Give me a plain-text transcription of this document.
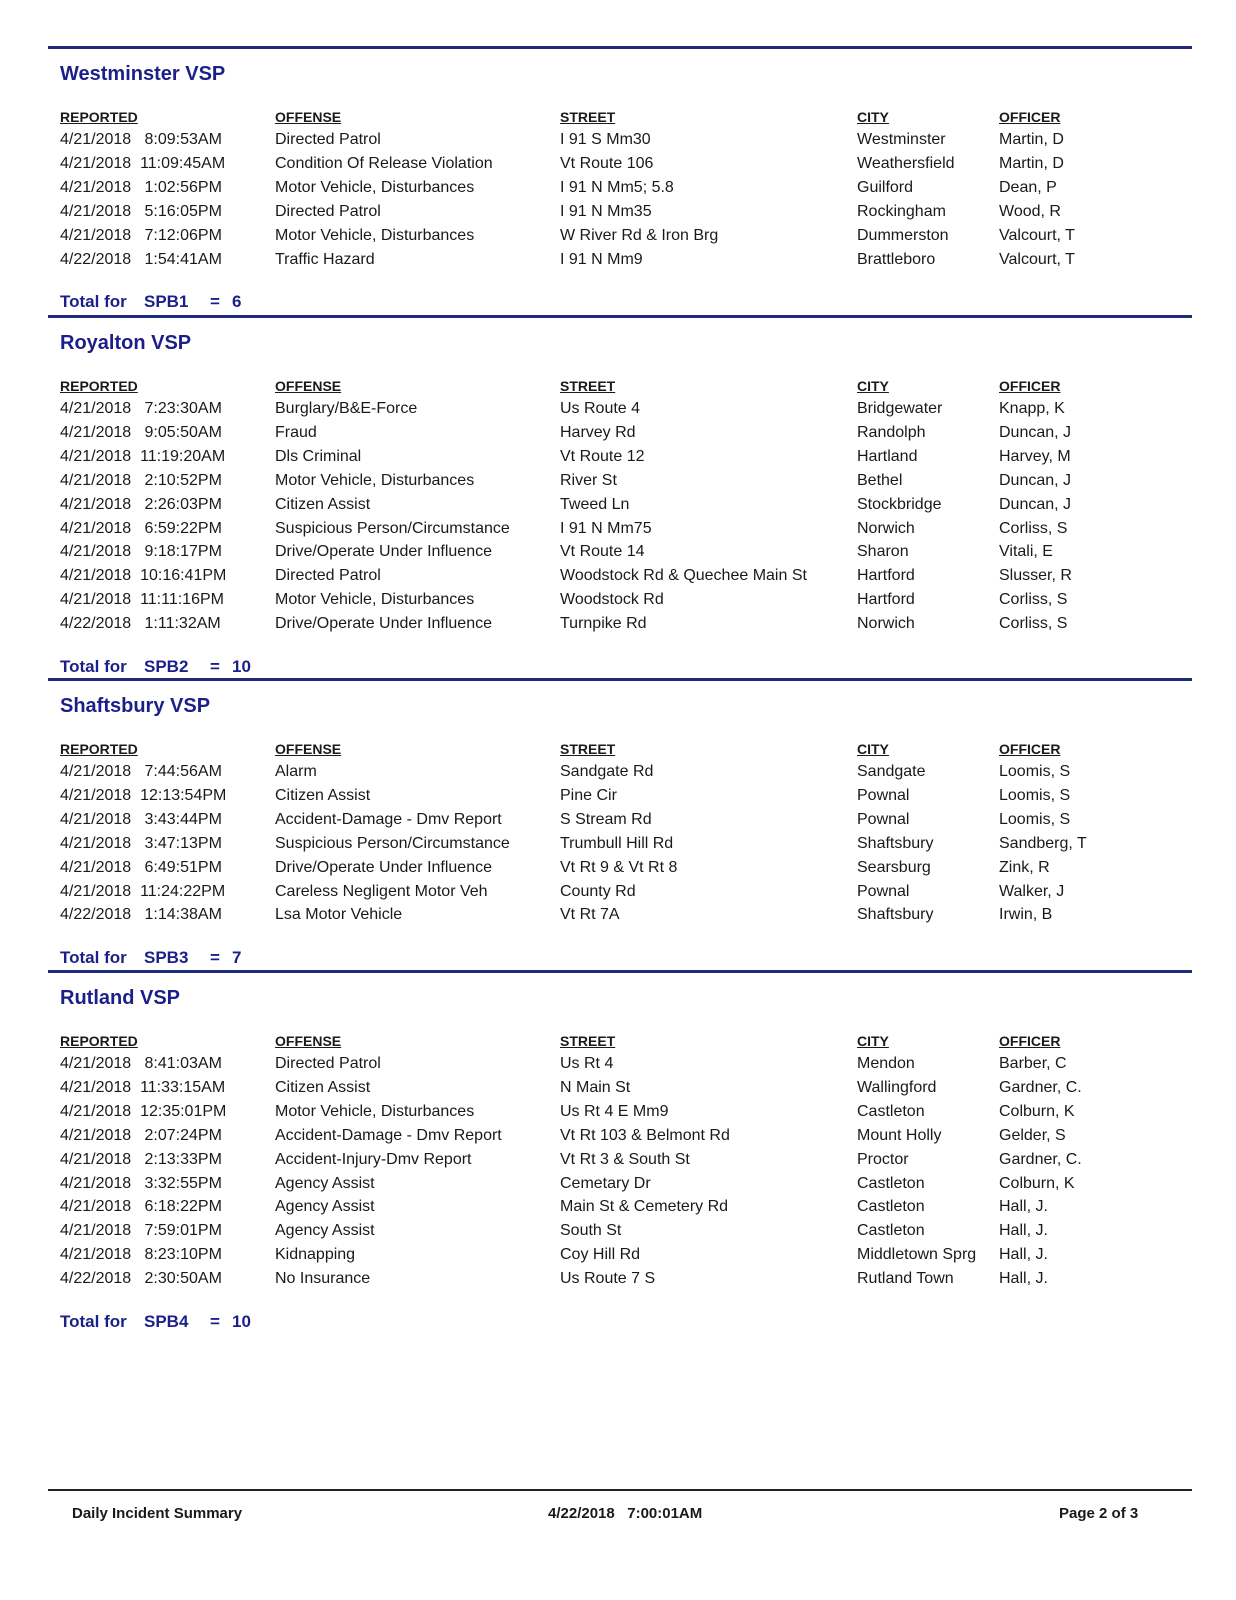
Westminster VSP
REPORTED	OFFENSE	STREET	CITY	OFFICER
4/21/2018   8:09:53AM	Directed Patrol	I 91 S Mm30	Westminster	Martin, D
4/21/2018  11:09:45AM	Condition Of Release Violation	Vt Route 106	Weathersfield	Martin, D
4/21/2018   1:02:56PM	Motor Vehicle, Disturbances	I 91 N Mm5; 5.8	Guilford	Dean, P
4/21/2018   5:16:05PM	Directed Patrol	I 91 N Mm35	Rockingham	Wood, R
4/21/2018   7:12:06PM	Motor Vehicle, Disturbances	W River Rd & Iron Brg	Dummerston	Valcourt, T
4/22/2018   1:54:41AM	Traffic Hazard	I 91 N Mm9	Brattleboro	Valcourt, T
Total for SPB1 = 6
Royalton VSP
REPORTED	OFFENSE	STREET	CITY	OFFICER
4/21/2018   7:23:30AM	Burglary/B&E-Force	Us Route 4	Bridgewater	Knapp, K
4/21/2018   9:05:50AM	Fraud	Harvey Rd	Randolph	Duncan, J
4/21/2018  11:19:20AM	Dls Criminal	Vt Route 12	Hartland	Harvey, M
4/21/2018   2:10:52PM	Motor Vehicle, Disturbances	River St	Bethel	Duncan, J
4/21/2018   2:26:03PM	Citizen Assist	Tweed Ln	Stockbridge	Duncan, J
4/21/2018   6:59:22PM	Suspicious Person/Circumstance	I 91 N Mm75	Norwich	Corliss, S
4/21/2018   9:18:17PM	Drive/Operate Under Influence	Vt Route 14	Sharon	Vitali, E
4/21/2018  10:16:41PM	Directed Patrol	Woodstock Rd & Quechee Main St	Hartford	Slusser, R
4/21/2018  11:11:16PM	Motor Vehicle, Disturbances	Woodstock Rd	Hartford	Corliss, S
4/22/2018   1:11:32AM	Drive/Operate Under Influence	Turnpike Rd	Norwich	Corliss, S
Total for SPB2 = 10
Shaftsbury VSP
REPORTED	OFFENSE	STREET	CITY	OFFICER
4/21/2018   7:44:56AM	Alarm	Sandgate Rd	Sandgate	Loomis, S
4/21/2018  12:13:54PM	Citizen Assist	Pine Cir	Pownal	Loomis, S
4/21/2018   3:43:44PM	Accident-Damage - Dmv Report	S Stream Rd	Pownal	Loomis, S
4/21/2018   3:47:13PM	Suspicious Person/Circumstance	Trumbull Hill Rd	Shaftsbury	Sandberg, T
4/21/2018   6:49:51PM	Drive/Operate Under Influence	Vt Rt 9 & Vt Rt 8	Searsburg	Zink, R
4/21/2018  11:24:22PM	Careless Negligent Motor Veh	County Rd	Pownal	Walker, J
4/22/2018   1:14:38AM	Lsa Motor Vehicle	Vt Rt 7A	Shaftsbury	Irwin, B
Total for SPB3 = 7
Rutland VSP
REPORTED	OFFENSE	STREET	CITY	OFFICER
4/21/2018   8:41:03AM	Directed Patrol	Us Rt 4	Mendon	Barber, C
4/21/2018  11:33:15AM	Citizen Assist	N Main St	Wallingford	Gardner, C.
4/21/2018  12:35:01PM	Motor Vehicle, Disturbances	Us Rt 4 E Mm9	Castleton	Colburn, K
4/21/2018   2:07:24PM	Accident-Damage - Dmv Report	Vt Rt 103 & Belmont Rd	Mount Holly	Gelder, S
4/21/2018   2:13:33PM	Accident-Injury-Dmv Report	Vt Rt 3 & South St	Proctor	Gardner, C.
4/21/2018   3:32:55PM	Agency Assist	Cemetary Dr	Castleton	Colburn, K
4/21/2018   6:18:22PM	Agency Assist	Main St & Cemetery Rd	Castleton	Hall, J.
4/21/2018   7:59:01PM	Agency Assist	South St	Castleton	Hall, J.
4/21/2018   8:23:10PM	Kidnapping	Coy Hill Rd	Middletown Sprg Hall, J.
4/22/2018   2:30:50AM	No Insurance	Us Route 7 S	Rutland Town	Hall, J.
Total for SPB4 = 10
Daily Incident Summary	4/22/2018   7:00:01AM	Page 2 of 3
